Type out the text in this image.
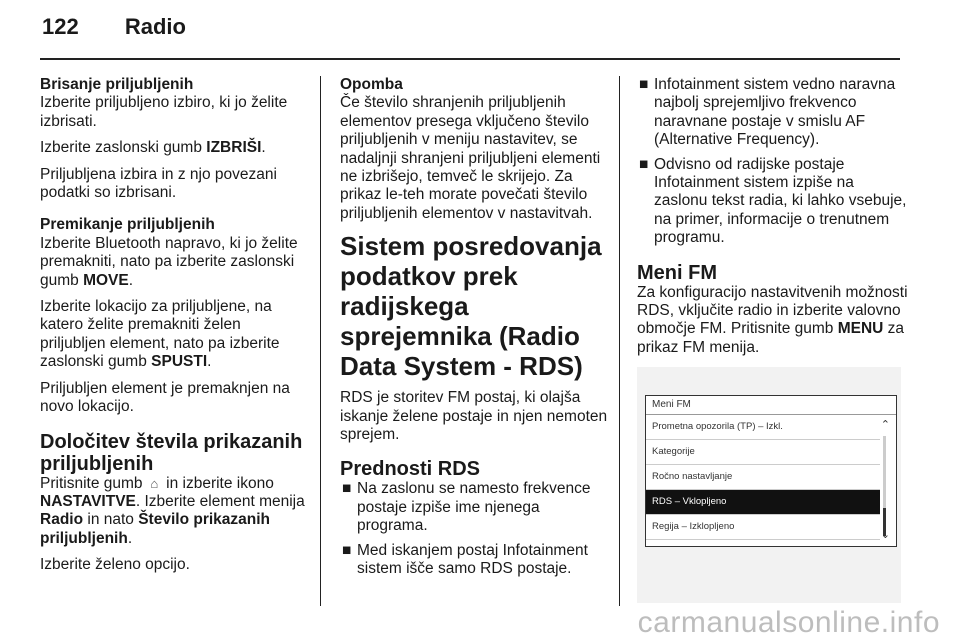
122 Radio
Brisanje priljubljenih

Izberite priljubljeno izbiro, ki jo želite izbrisati.

Izberite zaslonski gumb IZBRIŠI.

Priljubljena izbira in z njo povezani podatki so izbrisani.

Premikanje priljubljenih

Izberite Bluetooth napravo, ki jo želite premakniti, nato pa izberite zaslonski gumb MOVE.

Izberite lokacijo za priljubljene, na katero želite premakniti želen priljubljen element, nato pa izberite zaslonski gumb SPUSTI.

Priljubljen element je premaknjen na novo lokacijo.

Določitev števila prikazanih priljubljenih

Pritisnite gumb ⌂ in izberite ikono NASTAVITVE. Izberite element menija Radio in nato Število prikazanih priljubljenih.

Izberite želeno opcijo.

Opomba

Če število shranjenih priljubljenih elementov presega vključeno število priljubljenih v meniju nastavitev, se nadaljnji shranjeni priljubljeni elementi ne izbrišejo, temveč le skrijejo. Za prikaz le-teh morate povečati število priljubljenih elementov v nastavitvah.

Sistem posredovanja podatkov prek radijskega sprejemnika (Radio Data System - RDS)

RDS je storitev FM postaj, ki olajša iskanje želene postaje in njen nemoten sprejem.

Prednosti RDS
■ Na zaslonu se namesto frekvence postaje izpiše ime njenega programa.
■ Med iskanjem postaj Infotainment sistem išče samo RDS postaje.
■ Infotainment sistem vedno naravna najbolj sprejemljivo frekvenco naravnane postaje v smislu AF (Alternative Frequency).
■ Odvisno od radijske postaje Infotainment sistem izpiše na zaslonu tekst radia, ki lahko vsebuje, na primer, informacije o trenutnem programu.
Meni FM

Za konfiguracijo nastavitvenih možnosti RDS, vključite radio in izberite valovno območje FM. Pritisnite gumb MENU za prikaz FM menija.

Meni FM
Prometna opozorila (TP) – Izkl.
Kategorije
Ročno nastavljanje
RDS – Vklopljeno
Regija – Izklopljeno
⌃
⌄
carmanualsonline.info
